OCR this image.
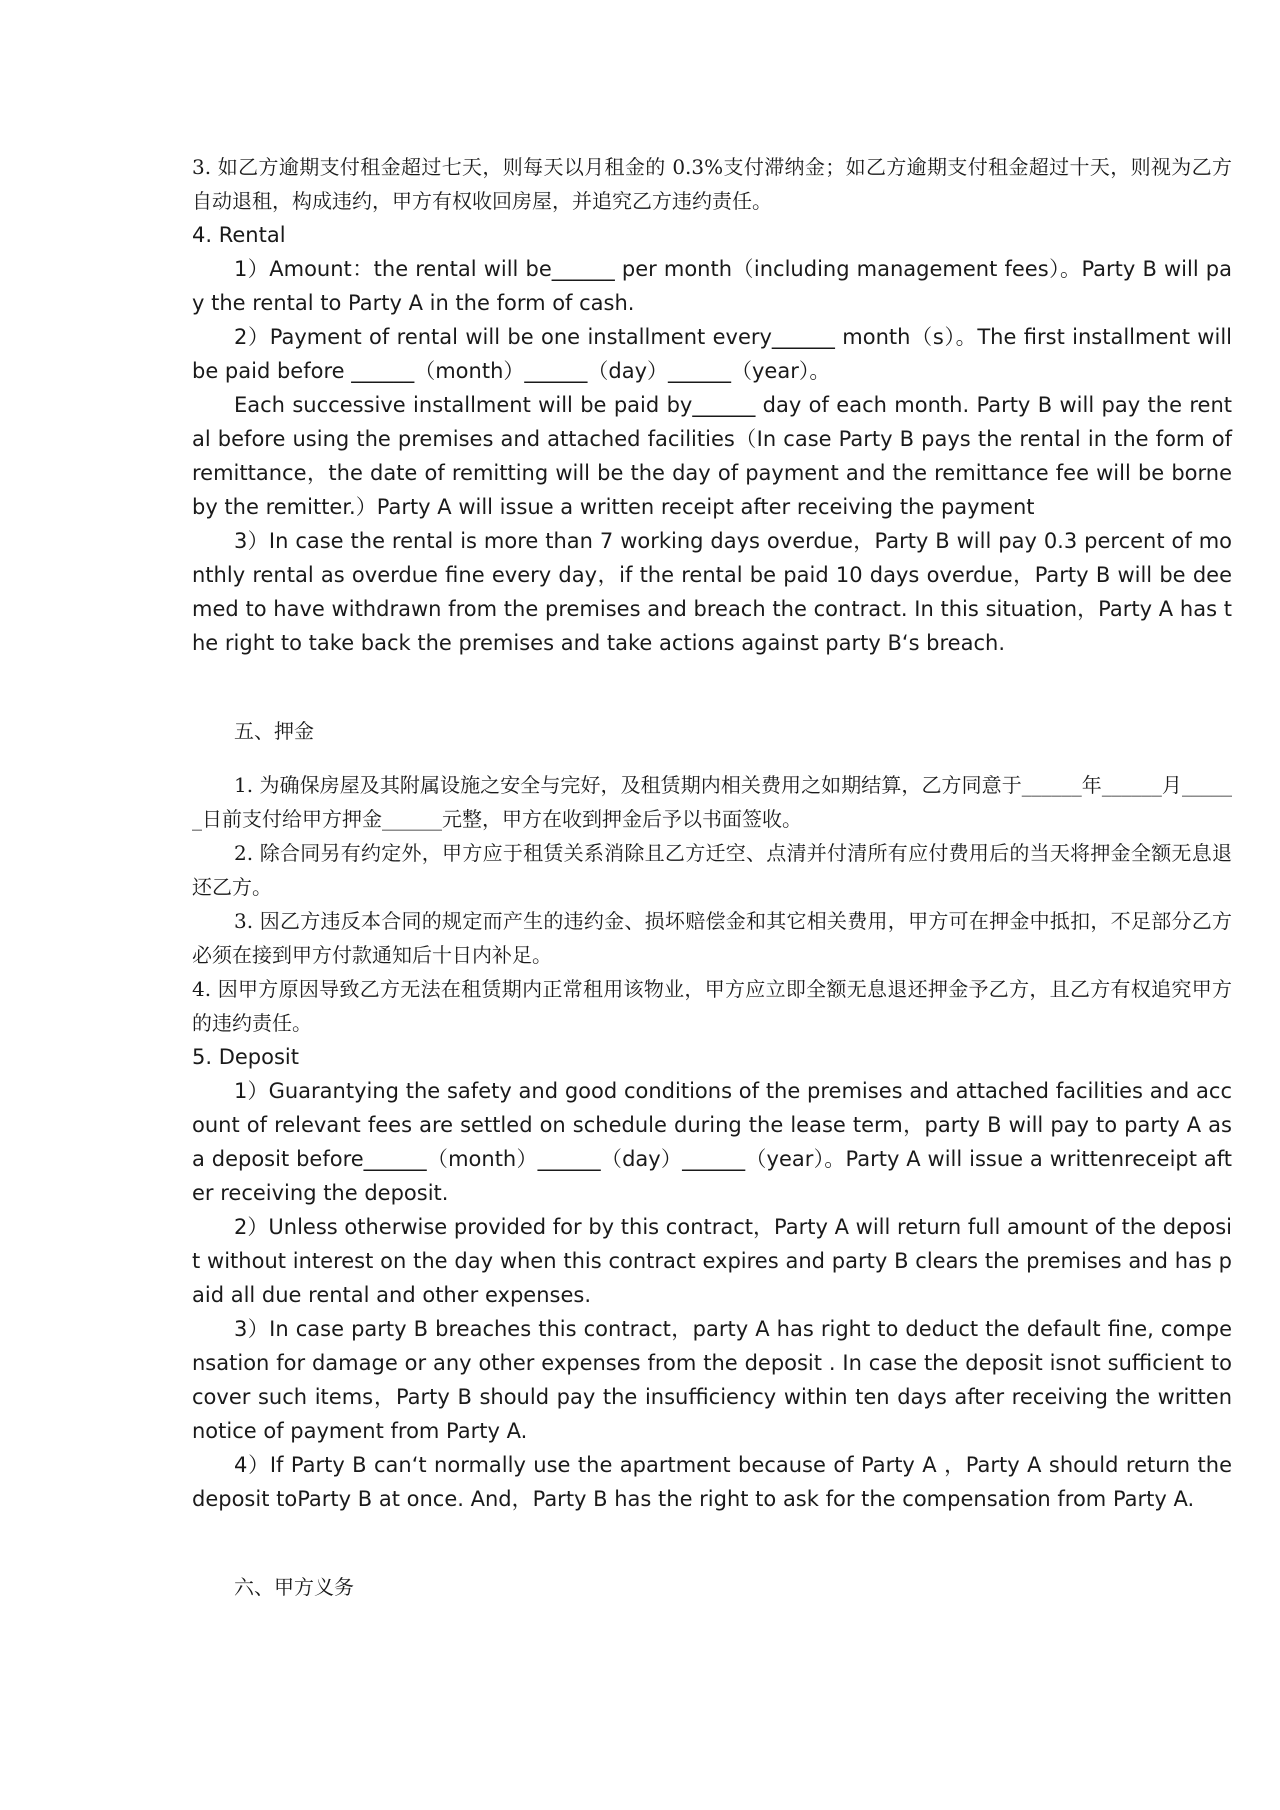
3. 如乙方逾期支付租金超过七天，则每天以月租金的 0.3%支付滞纳金；如乙方逾期支付租金超过十天，则视为乙方自动退租，构成违约，甲方有权收回房屋，并追究乙方违约责任。

4. Rental

1）Amount：the rental will be______ per month（including management fees）。Party B will pay the rental to Party A in the form of cash.

2）Payment of rental will be one installment every______ month（s）。The first installment will be paid before ______（month）______（day）______（year）。

Each successive installment will be paid by______ day of each month. Party B will pay the rental before using the premises and attached facilities（In case Party B pays the rental in the form of remittance，the date of remitting will be the day of payment and the remittance fee will be borne by the remitter.）Party A will issue a written receipt after receiving the payment

3）In case the rental is more than 7 working days overdue，Party B will pay 0.3 percent of monthly rental as overdue fine every day，if the rental be paid 10 days overdue，Party B will be deemed to have withdrawn from the premises and breach the contract. In this situation，Party A has the right to take back the premises and take actions against party B‘s breach.

五、押金

1. 为确保房屋及其附属设施之安全与完好，及租赁期内相关费用之如期结算，乙方同意于______年______月______日前支付给甲方押金______元整，甲方在收到押金后予以书面签收。

2. 除合同另有约定外，甲方应于租赁关系消除且乙方迁空、点清并付清所有应付费用后的当天将押金全额无息退还乙方。

3. 因乙方违反本合同的规定而产生的违约金、损坏赔偿金和其它相关费用，甲方可在押金中抵扣，不足部分乙方必须在接到甲方付款通知后十日内补足。

4. 因甲方原因导致乙方无法在租赁期内正常租用该物业，甲方应立即全额无息退还押金予乙方，且乙方有权追究甲方的违约责任。

5. Deposit

1）Guarantying the safety and good conditions of the premises and attached facilities and account of relevant fees are settled on schedule during the lease term，party B will pay to party A as a deposit before______（month）______（day）______（year）。Party A will issue a writtenreceipt after receiving the deposit.

2）Unless otherwise provided for by this contract，Party A will return full amount of the deposit without interest on the day when this contract expires and party B clears the premises and has paid all due rental and other expenses.

3）In case party B breaches this contract，party A has right to deduct the default fine, compensation for damage or any other expenses from the deposit . In case the deposit isnot sufficient to cover such items，Party B should pay the insufficiency within ten days after receiving the written notice of payment from Party A.

4）If Party B can‘t normally use the apartment because of Party A ，Party A should return the deposit toParty B at once. And，Party B has the right to ask for the compensation from Party A.

六、甲方义务
